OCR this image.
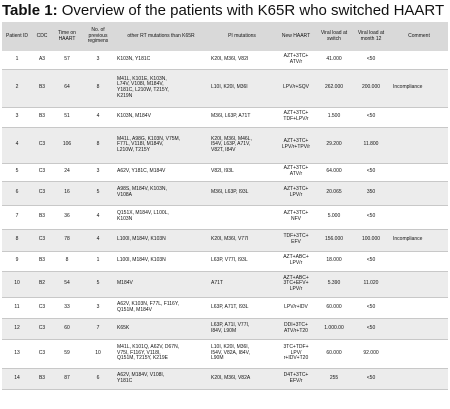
Table 1: Overview of the patients with K65R who switched HAART
Patient ID	CDC	Time on HAART	No. of previous regimens	other RT mutations than K65R	PI mutations	New HAART	Viral load at switch	Viral load at month 12	Comment
1	A3	57	3	K103N, Y181C	K20I, M36I, V82I	AZT+3TC+
ATV/r	41.000	<50	
2	B3	64	8	M41L, K101E, K103N,
L74V, V108I, M184V,
Y181C, L210W, T215Y,
K219N	L10I, K20I, M36I	LPV/r+SQV	262.000	200.000	Incompliance
3	B3	51	4	K103N, M184V	M36I, L63P, A71T	AZT+3TC+
TDF+LPV/r	1.500	<50	
4	C3	106	8	M41L, A98G, K103N, V75M,
F77L, V118I, M184V,
L210W, T215Y	K20I, M36I, M46L,
I54V, L63P, A71V,
V82T, I84V	AZT+3TC+
LPV/r+TPV/r	29.200	11.800	
5	C3	24	3	A62V, Y181C, M184V	V82I, I93L	AZT+3TC+
ATV/r	64.000	<50	
6	C3	16	5	A98S, M184V, K103N,
V108A	M36I, L63P, I93L	AZT+3TC+
LPV/r	20.065	350	
7	B3	36	4	Q151X, M184V, L100L,
K103N		AZT+3TC+
NFV	5.000	<50	
8	C3	78	4	L100I, M184V, K103N	K20I, M36I, V77I	TDF+3TC+
EFV	156.000	100.000	Incompliance
9	B3	8	1	L100I, M184V, K103N	L63P, V77I, I93L	AZT+ABC+
LPV/r	18.000	<50	
10	B2	54	5	M184V	A71T	AZT+ABC+
3TC+EFV+
LPV/r	5.390	11.020	
11	C3	33	3	A62V, K103N, F77L, F116Y,
Q151M, M184V	L63P, A71T, I93L	LPV/r+IDV	60.000	<50	
12	C3	60	7	K65K	L63P, A71I, V77I,
I84V, L90M	DDI+3TC+
ATV/r+T20	1.000.00	<50	
13	C3	59	10	M41L, K101Q, A62V, D67N,
V75I, F116Y, V118I,
Q151M, T215Y, K219E	L10I, K20I, M36I,
I54V, V82A, I84V,
L90M	3TC+TDF+
LPV/
r+IDV+T20	60.000	92.000	
14	B3	87	6	A62V, M184V, V108I,
Y181C	K20I, M36I, V82A	D4T+3TC+
EFV/r	255	<50	
